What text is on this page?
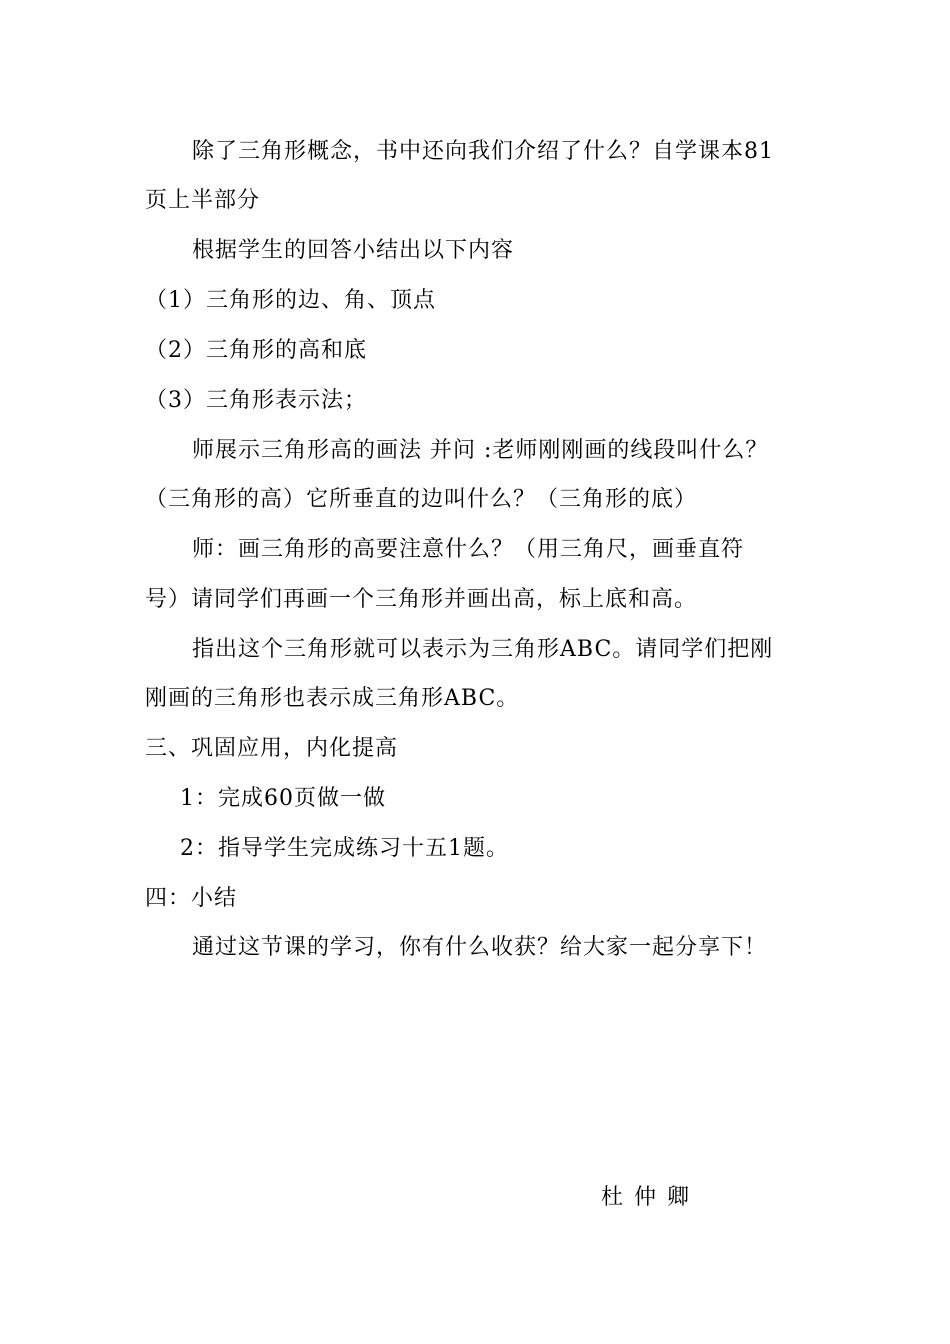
除了三角形概念，书中还向我们介绍了什么？自学课本81
页上半部分
根据学生的回答小结出以下内容
（1）三角形的边、角、顶点
（2）三角形的高和底
（3）三角形表示法；
师展示三角形高的画法 并问 :老师刚刚画的线段叫什么？
（三角形的高）它所垂直的边叫什么？（三角形的底）
师：画三角形的高要注意什么？（用三角尺，画垂直符
号）请同学们再画一个三角形并画出高，标上底和高。
指出这个三角形就可以表示为三角形ABC。请同学们把刚
刚画的三角形也表示成三角形ABC。
三、巩固应用，内化提高
1：完成60页做一做
2：指导学生完成练习十五1题。
四：小结
通过这节课的学习，你有什么收获？给大家一起分享下！
杜仲卿
